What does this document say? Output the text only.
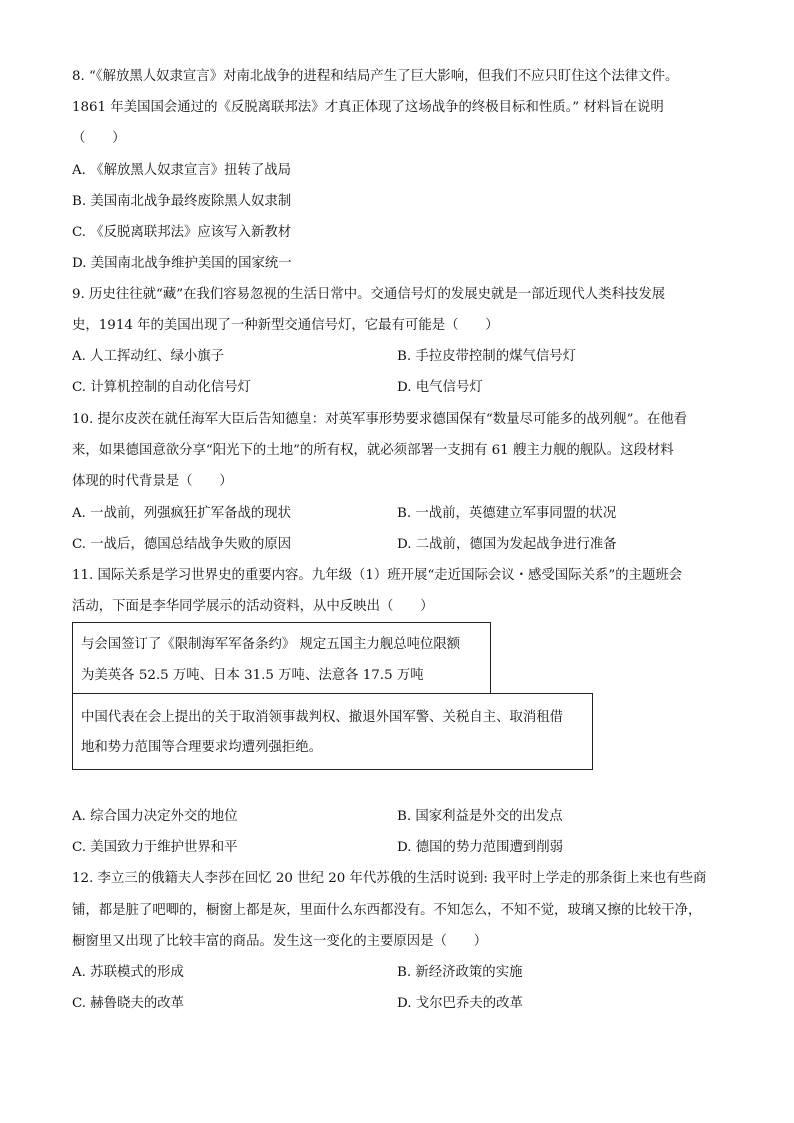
8. “《解放黑人奴隶宣言》对南北战争的进程和结局产生了巨大影响，但我们不应只盯住这个法律文件。
1861 年美国国会通过的《反脱离联邦法》才真正体现了这场战争的终极目标和性质。” 材料旨在说明
（　　）
A. 《解放黑人奴隶宣言》扭转了战局
B. 美国南北战争最终废除黑人奴隶制
C. 《反脱离联邦法》应该写入新教材
D. 美国南北战争维护美国的国家统一
9. 历史往往就“藏”在我们容易忽视的生活日常中。交通信号灯的发展史就是一部近现代人类科技发展
史，1914 年的美国出现了一种新型交通信号灯，它最有可能是（　　）
A. 人工挥动红、绿小旗子	B. 手拉皮带控制的煤气信号灯
C. 计算机控制的自动化信号灯	D. 电气信号灯
10. 提尔皮茨在就任海军大臣后告知德皇：对英军事形势要求德国保有“数量尽可能多的战列舰”。在他看
来，如果德国意欲分享“阳光下的土地”的所有权，就必须部署一支拥有 61 艘主力舰的舰队。这段材料
体现的时代背景是（　　）
A. 一战前，列强疯狂扩军备战的现状	B. 一战前，英德建立军事同盟的状况
C. 一战后，德国总结战争失败的原因	D. 二战前，德国为发起战争进行准备
11. 国际关系是学习世界史的重要内容。九年级（1）班开展“走近国际会议・感受国际关系”的主题班会
活动，下面是李华同学展示的活动资料，从中反映出（　　）
与会国签订了《限制海军军备条约》 规定五国主力舰总吨位限额
为美英各 52.5 万吨、日本 31.5 万吨、法意各 17.5 万吨
中国代表在会上提出的关于取消领事裁判权、撤退外国军警、关税自主、取消租借
地和势力范围等合理要求均遭列强拒绝。
A. 综合国力决定外交的地位	B. 国家利益是外交的出发点
C. 美国致力于维护世界和平	D. 德国的势力范围遭到削弱
12. 李立三的俄籍夫人李莎在回忆 20 世纪 20 年代苏俄的生活时说到: 我平时上学走的那条街上来也有些商
铺，都是脏了吧唧的，橱窗上都是灰，里面什么东西都没有。不知怎么，不知不觉，玻璃又擦的比较干净，
橱窗里又出现了比较丰富的商品。发生这一变化的主要原因是（　　）
A. 苏联模式的形成	B. 新经济政策的实施
C. 赫鲁晓夫的改革	D. 戈尔巴乔夫的改革
